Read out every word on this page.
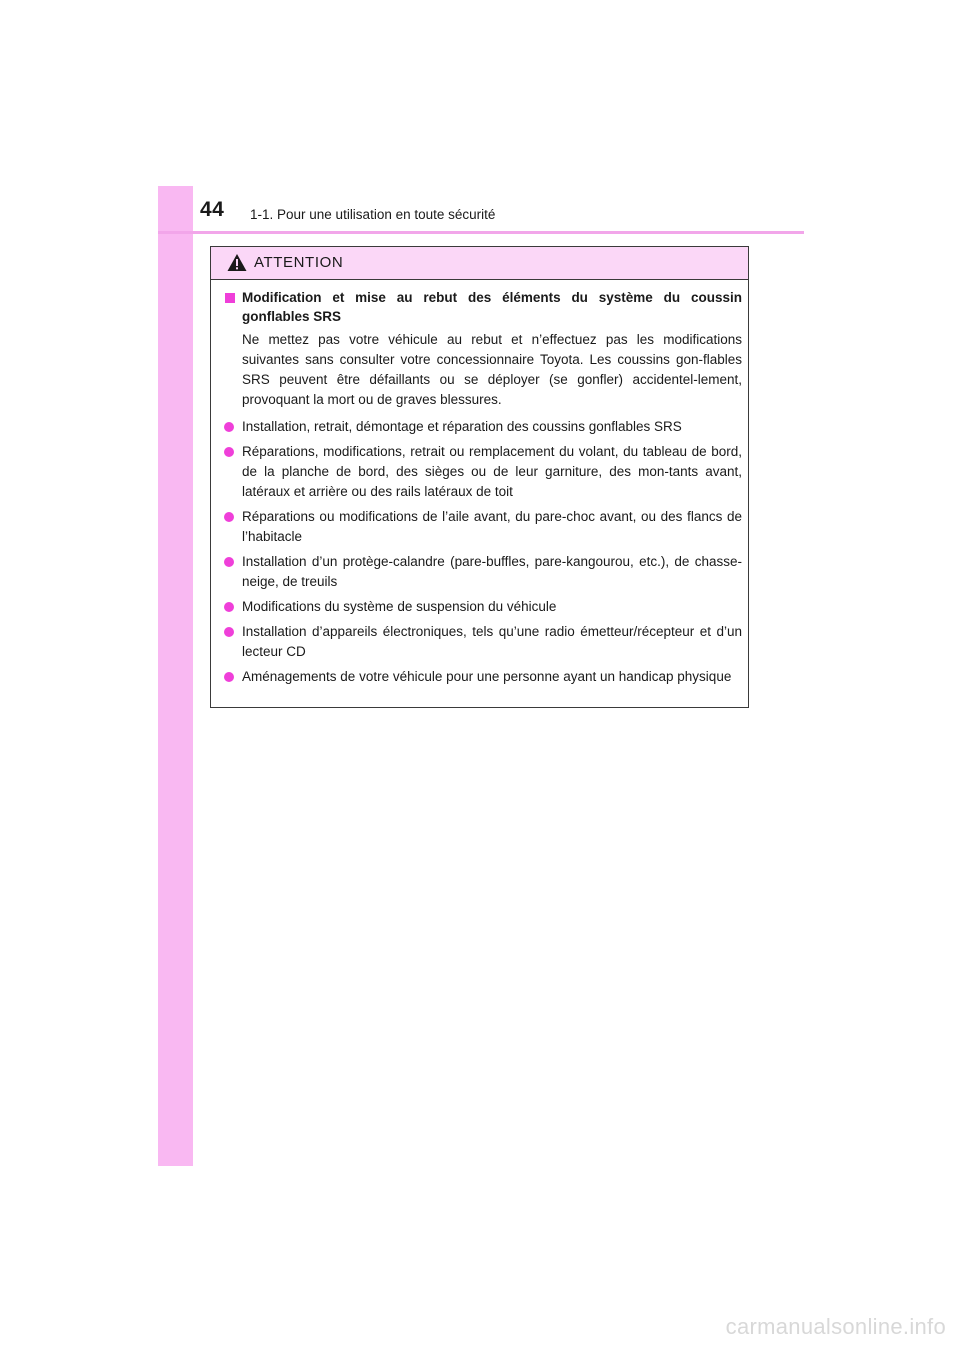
44 1-1. Pour une utilisation en toute sécurité
ATTENTION
Modification et mise au rebut des éléments du système du coussin gonflables SRS

Ne mettez pas votre véhicule au rebut et n’effectuez pas les modifications suivantes sans consulter votre concessionnaire Toyota. Les coussins gon-flables SRS peuvent être défaillants ou se déployer (se gonfler) accidentel-lement, provoquant la mort ou de graves blessures.

Installation, retrait, démontage et réparation des coussins gonflables SRS
Réparations, modifications, retrait ou remplacement du volant, du tableau de bord, de la planche de bord, des sièges ou de leur garniture, des mon-tants avant, latéraux et arrière ou des rails latéraux de toit
Réparations ou modifications de l’aile avant, du pare-choc avant, ou des flancs de l’habitacle
Installation d’un protège-calandre (pare-buffles, pare-kangourou, etc.), de chasse-neige, de treuils
Modifications du système de suspension du véhicule
Installation d’appareils électroniques, tels qu’une radio émetteur/récepteur et d’un lecteur CD
Aménagements de votre véhicule pour une personne ayant un handicap physique
carmanualsonline.info
